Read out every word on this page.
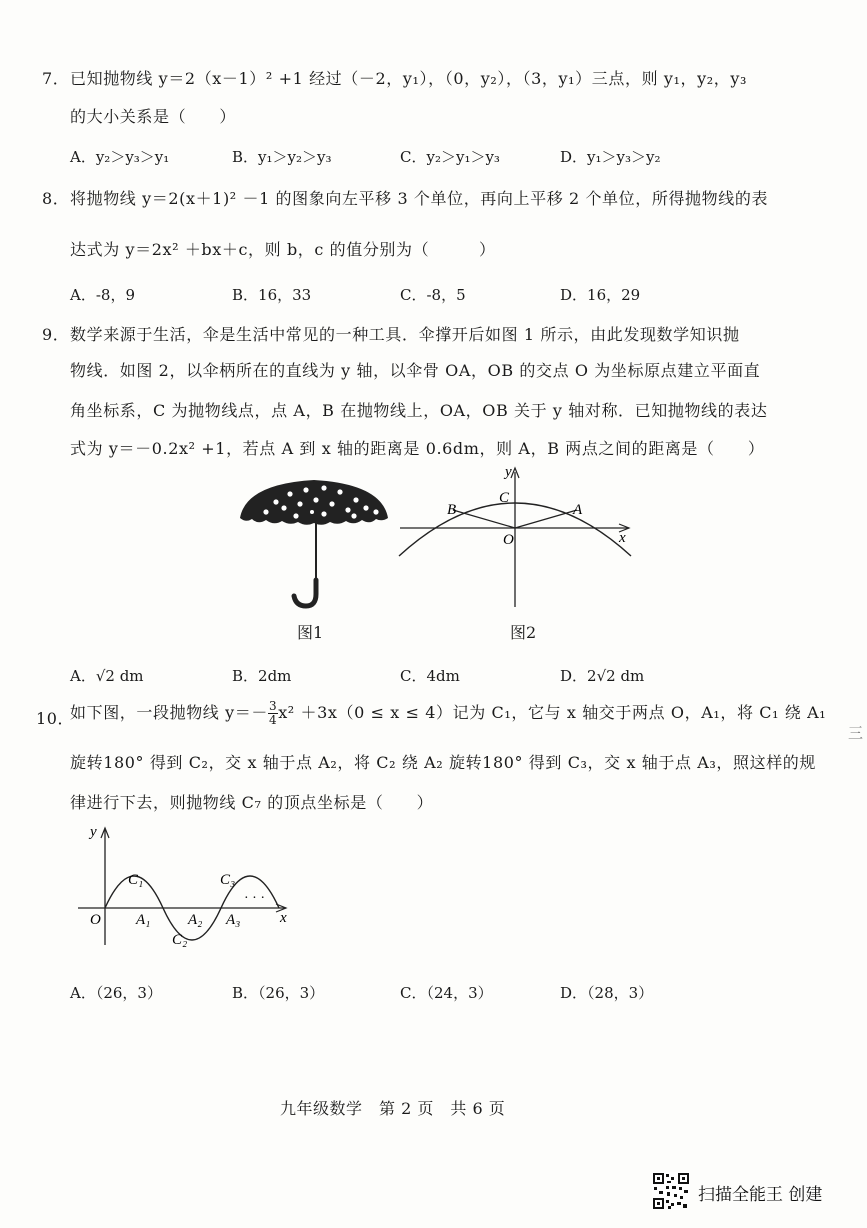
7． 已知抛物线 y＝2（x－1）² +1 经过（－2，y₁），（0，y₂），（3，y₁）三点，则 y₁，y₂，y₃
的大小关系是（　　）
A．y₂＞y₃＞y₁	B．y₁＞y₂＞y₃	C．y₂＞y₁＞y₃	D．y₁＞y₃＞y₂
8． 将抛物线 y＝2(x＋1)² －1 的图象向左平移 3 个单位，再向上平移 2 个单位，所得抛物线的表
达式为 y＝2x² ＋bx＋c，则 b，c 的值分别为（　　　）
A．-8，9	B．16，33	C．-8，5	D．16，29
9． 数学来源于生活，伞是生活中常见的一种工具．伞撑开后如图 1 所示，由此发现数学知识抛
物线．如图 2，以伞柄所在的直线为 y 轴，以伞骨 OA，OB 的交点 O 为坐标原点建立平面直
角坐标系，C 为抛物线点，点 A，B 在抛物线上，OA，OB 关于 y 轴对称．已知抛物线的表达
式为 y＝－0.2x² +1，若点 A 到 x 轴的距离是 0.6dm，则 A，B 两点之间的距离是（　　）
图1
y
x
O
A
B
C
图2
A．√2 dm	B．2dm	C．4dm	D．2√2 dm
10．
如下图，一段抛物线 $y=- \frac{3}{4} x^2 +3x(0 \le x \le 4)$记为 C₁，它与 x 轴交于两点 O，A₁，将 C₁ 绕 A₁
旋转180° 得到 C₂，交 x 轴于点 A₂，将 C₂ 绕 A₂ 旋转180° 得到 C₃，交 x 轴于点 A₃，照这样的规
律进行下去，则抛物线 C₇ 的顶点坐标是（　　）
y
x
O
C₁
C₂
C₃
A₁	A₂ A₃
· · ·
A．（26，3）	B．（26，3）	C．（24，3）	D．（28，3）
九年级数学　第 2 页　共 6 页
三
扫描全能王 创建
